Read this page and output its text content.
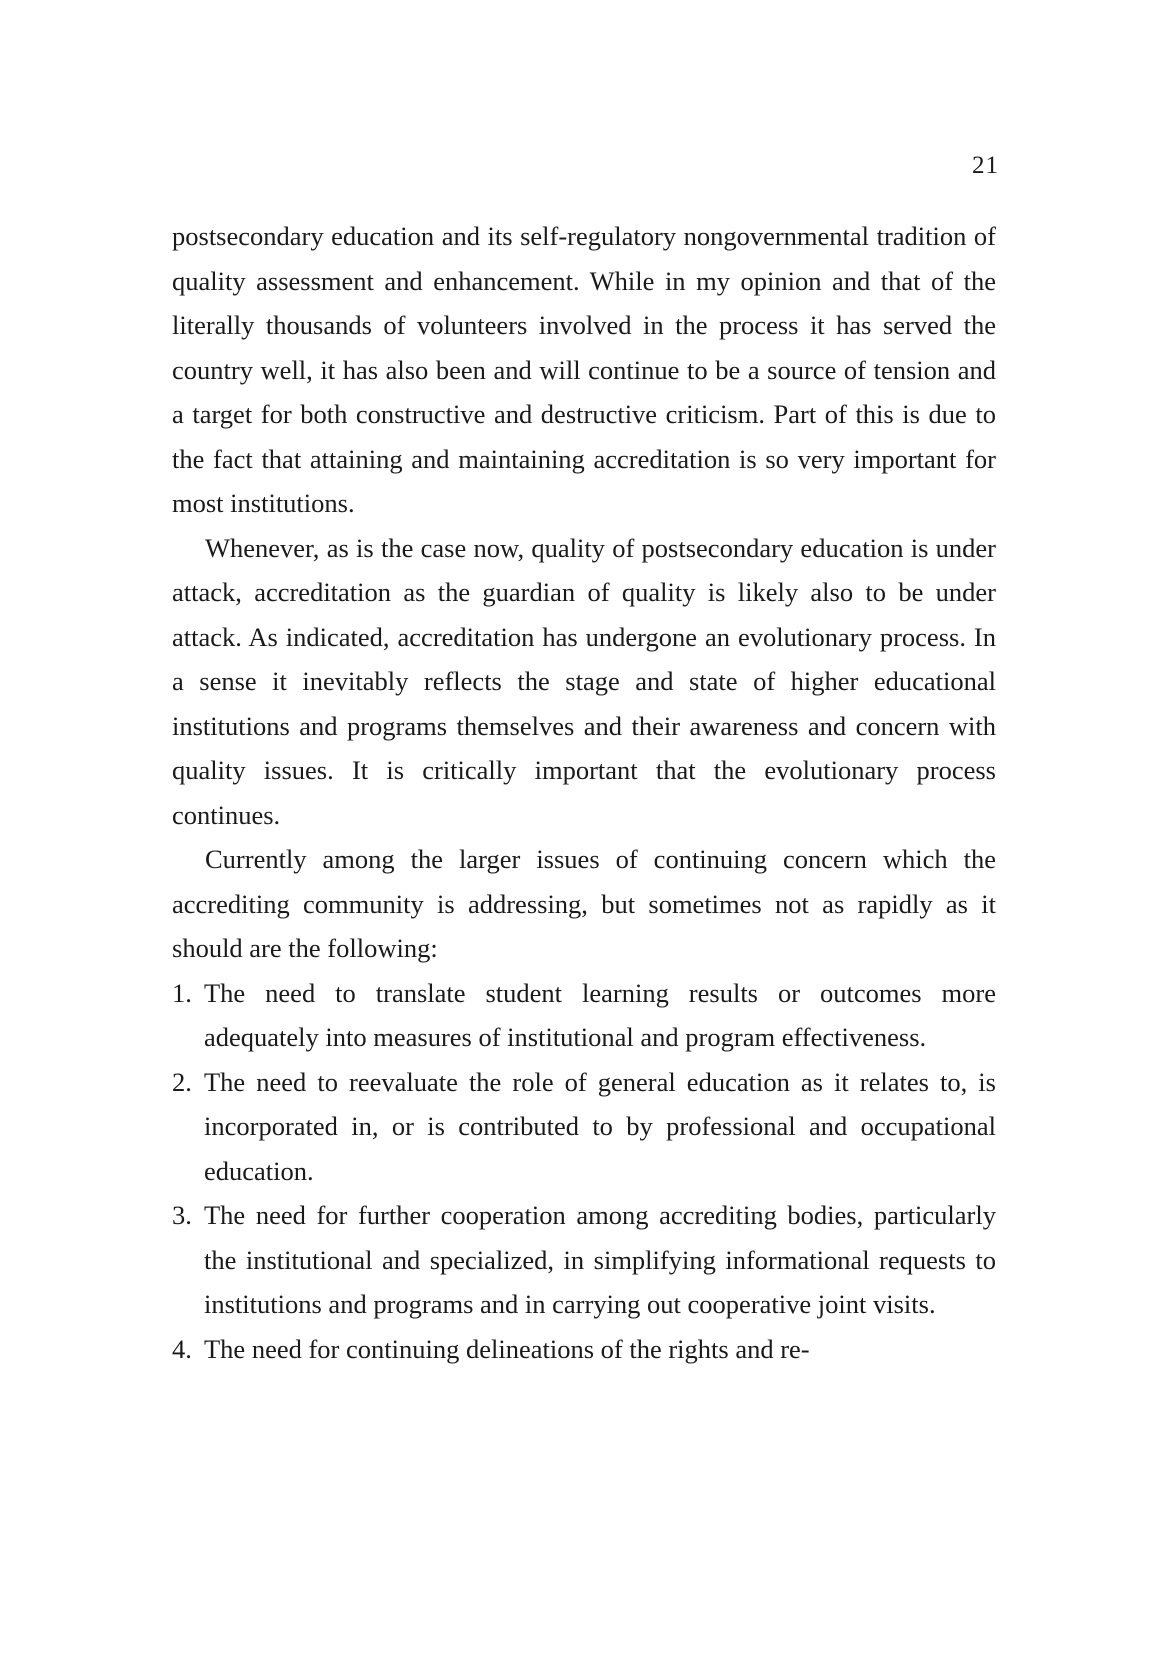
21

postsecondary education and its self-regulatory nongovernmental tradition of quality assessment and enhancement. While in my opinion and that of the literally thousands of volunteers involved in the process it has served the country well, it has also been and will continue to be a source of tension and a target for both constructive and destructive criticism. Part of this is due to the fact that attaining and maintaining accreditation is so very important for most institutions.

Whenever, as is the case now, quality of postsecondary education is under attack, accreditation as the guardian of quality is likely also to be under attack. As indicated, accreditation has undergone an evolutionary process. In a sense it inevitably reflects the stage and state of higher educational institutions and programs themselves and their awareness and concern with quality issues. It is critically important that the evolutionary process continues.

Currently among the larger issues of continuing concern which the accrediting community is addressing, but sometimes not as rapidly as it should are the following:

1. The need to translate student learning results or outcomes more adequately into measures of institutional and program effectiveness.
2. The need to reevaluate the role of general education as it relates to, is incorporated in, or is contributed to by professional and occupational education.
3. The need for further cooperation among accrediting bodies, particularly the institutional and specialized, in simplifying informational requests to institutions and programs and in carrying out cooperative joint visits.
4. The need for continuing delineations of the rights and re-
